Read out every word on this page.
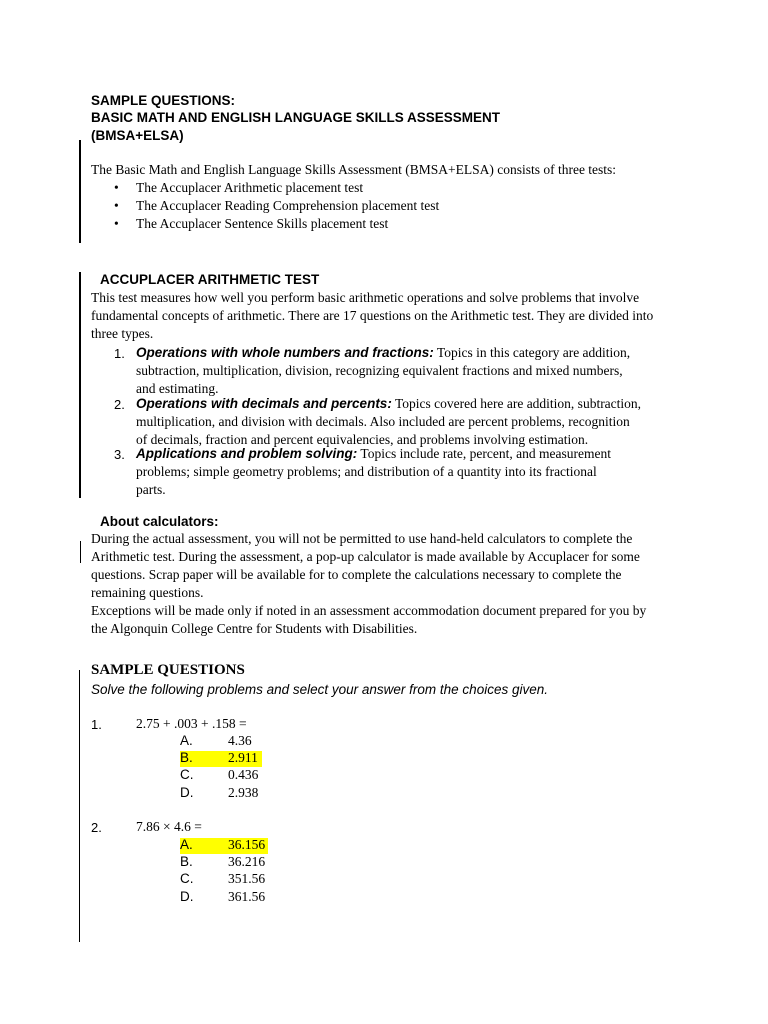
SAMPLE QUESTIONS:
BASIC MATH AND ENGLISH LANGUAGE SKILLS ASSESSMENT
(BMSA+ELSA)
The Basic Math and English Language Skills Assessment (BMSA+ELSA) consists of three tests:
• The Accuplacer Arithmetic placement test
• The Accuplacer Reading Comprehension placement test
• The Accuplacer Sentence Skills placement test
ACCUPLACER ARITHMETIC TEST
This test measures how well you perform basic arithmetic operations and solve problems that involve
fundamental concepts of arithmetic. There are 17 questions on the Arithmetic test. They are divided into
three types.
1. Operations with whole numbers and fractions: Topics in this category are addition,
subtraction, multiplication, division, recognizing equivalent fractions and mixed numbers,
and estimating.
2. Operations with decimals and percents: Topics covered here are addition, subtraction,
multiplication, and division with decimals. Also included are percent problems, recognition
of decimals, fraction and percent equivalencies, and problems involving estimation.
3. Applications and problem solving: Topics include rate, percent, and measurement
problems; simple geometry problems; and distribution of a quantity into its fractional
parts.
About calculators:
During the actual assessment, you will not be permitted to use hand-held calculators to complete the
Arithmetic test. During the assessment, a pop-up calculator is made available by Accuplacer for some
questions. Scrap paper will be available for to complete the calculations necessary to complete the
remaining questions.
Exceptions will be made only if noted in an assessment accommodation document prepared for you by
the Algonquin College Centre for Students with Disabilities.
SAMPLE QUESTIONS
Solve the following problems and select your answer from the choices given.
1.	2.75 + .003 + .158 =
A.	4.36
B.	2.911
C.	0.436
D.	2.938
2.	7.86 × 4.6 =
A.	36.156
B.	36.216
C.	351.56
D.	361.56
